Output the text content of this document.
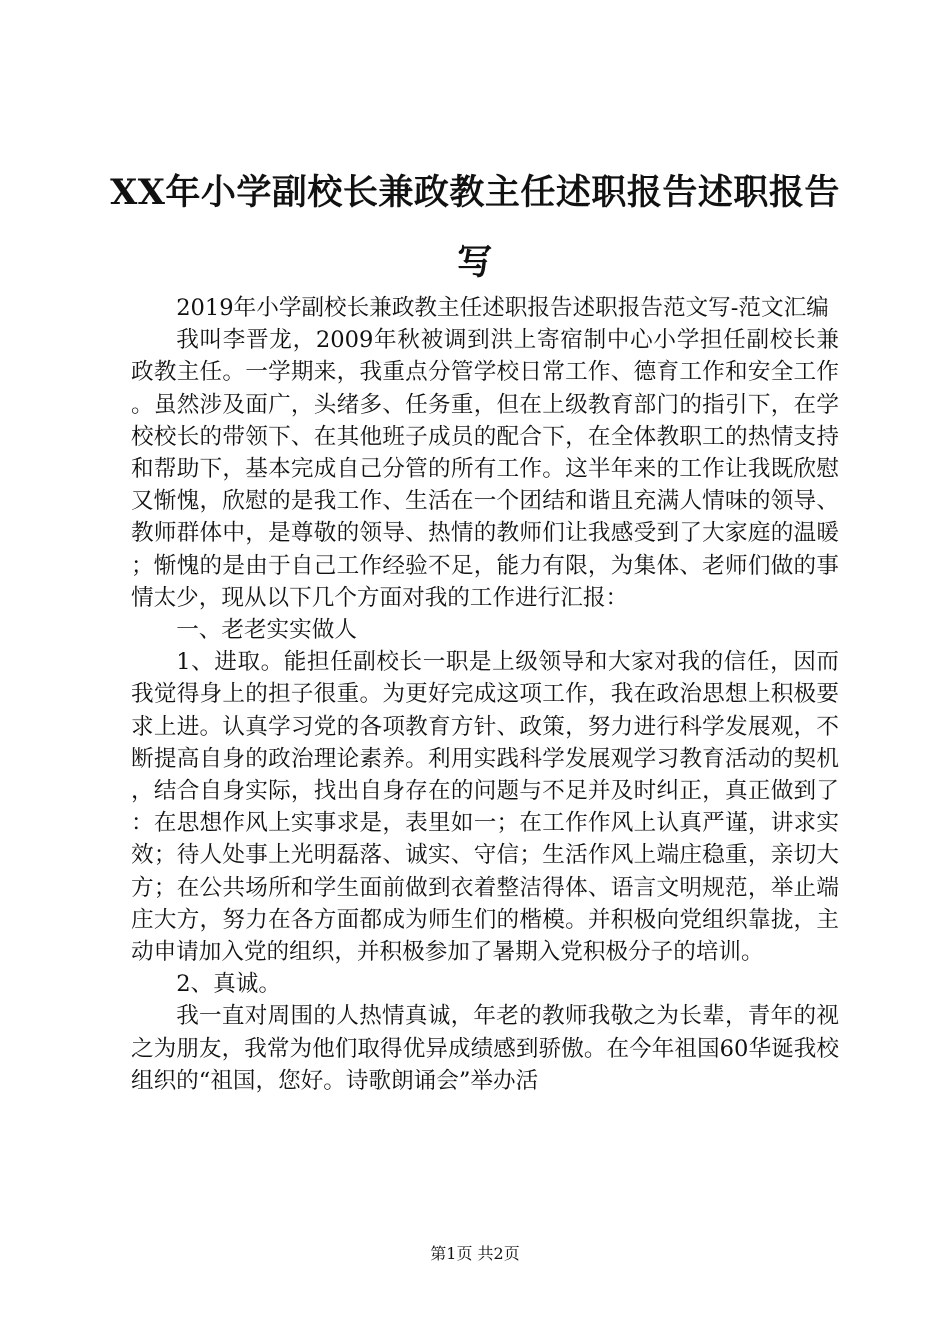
XX年小学副校长兼政教主任述职报告述职报告写

2019年小学副校长兼政教主任述职报告述职报告范文写-范文汇编

我叫李晋龙，2009年秋被调到洪上寄宿制中心小学担任副校长兼政教主任。一学期来，我重点分管学校日常工作、德育工作和安全工作。虽然涉及面广，头绪多、任务重，但在上级教育部门的指引下，在学校校长的带领下、在其他班子成员的配合下，在全体教职工的热情支持和帮助下，基本完成自己分管的所有工作。这半年来的工作让我既欣慰又惭愧，欣慰的是我工作、生活在一个团结和谐且充满人情味的领导、教师群体中，是尊敬的领导、热情的教师们让我感受到了大家庭的温暖；惭愧的是由于自己工作经验不足，能力有限，为集体、老师们做的事情太少，现从以下几个方面对我的工作进行汇报：

一、老老实实做人

1、进取。能担任副校长一职是上级领导和大家对我的信任，因而我觉得身上的担子很重。为更好完成这项工作，我在政治思想上积极要求上进。认真学习党的各项教育方针、政策，努力进行科学发展观，不断提高自身的政治理论素养。利用实践科学发展观学习教育活动的契机，结合自身实际，找出自身存在的问题与不足并及时纠正，真正做到了：在思想作风上实事求是，表里如一；在工作作风上认真严谨，讲求实效；待人处事上光明磊落、诚实、守信；生活作风上端庄稳重，亲切大方；在公共场所和学生面前做到衣着整洁得体、语言文明规范，举止端庄大方，努力在各方面都成为师生们的楷模。并积极向党组织靠拢，主动申请加入党的组织，并积极参加了暑期入党积极分子的培训。

2、真诚。

我一直对周围的人热情真诚，年老的教师我敬之为长辈，青年的视之为朋友，我常为他们取得优异成绩感到骄傲。在今年祖国60华诞我校组织的“祖国，您好。诗歌朗诵会”举办活

第1页 共2页
